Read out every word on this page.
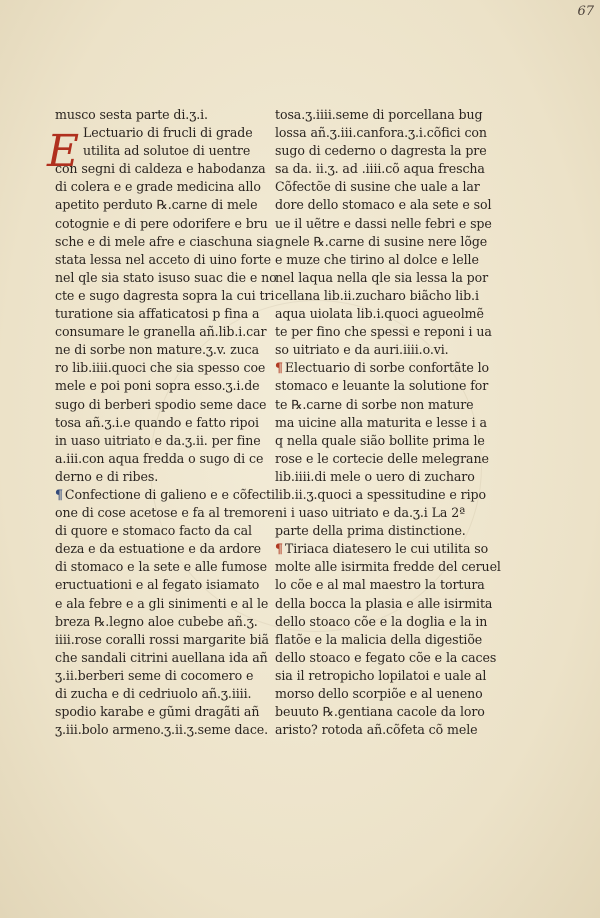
67
E
musco sesta parte di.ʒ.i.
Lectuario di frucli di grade
utilita ad solutoe di uentre
con segni di caldeza e habodanza
di colera e e grade medicina allo
apetito perduto ℞.carne di mele
cotognie e di pere odorifere e bru
sche e di mele afre e ciaschuna sia
stata lessa nel acceto di uino forte
nel qle sia stato isuso suac die e no
cte e sugo dagresta sopra la cui tri
turatione sia affaticatosi p fina a
consumare le granella añ.lib.i.car
ne di sorbe non mature.ʒ.v. zuca
ro lib.iiii.quoci che sia spesso coe
mele e poi poni sopra esso.ʒ.i.de
sugo di berberi spodio seme dace
tosa añ.ʒ.i.e quando e fatto ripoi
in uaso uitriato e da.ʒ.ii. per fine
a.iii.con aqua fredda o sugo di ce
derno e di ribes.
¶ Confectione di galieno e e cõfecti
one di cose acetose e fa al tremore
di quore e stomaco facto da cal
deza e da estuatione e da ardore
di stomaco e la sete e alle fumose
eructuationi e al fegato isiamato
e ala febre e a gli sinimenti e al le
breza ℞.legno aloe cubebe añ.ʒ.
iiii.rose coralli rossi margarite biã
che sandali citrini auellana ida añ
ʒ.ii.berberi seme di cocomero e
di zucha e di cedriuolo añ.ʒ.iiii.
spodio karabe e gũmi dragãti añ
ʒ.iii.bolo armeno.ʒ.ii.ʒ.seme dace.
tosa.ʒ.iiii.seme di porcellana bug
lossa añ.ʒ.iii.canfora.ʒ.i.cõfici con
sugo di cederno o dagresta la pre
sa da. ii.ʒ. ad .iiii.cõ aqua frescha
Cõfectõe di susine che uale a lar
dore dello stomaco e ala sete e sol
ue il uẽtre e dassi nelle febri e spe
gnele ℞.carne di susine nere lõge
e muze che tirino al dolce e lelle
nel laqua nella qle sia lessa la por
cellana lib.ii.zucharo biãcho lib.i
aqua uiolata lib.i.quoci agueolmẽ
te per fino che spessi e reponi i ua
so uitriato e da auri.iiii.o.vi.
¶ Electuario di sorbe confortãte lo
stomaco e leuante la solutione for
te ℞.carne di sorbe non mature
ma uicine alla maturita e lesse i a
q nella quale sião bollite prima le
rose e le cortecie delle melegrane
lib.iiii.di mele o uero di zucharo
lib.ii.ʒ.quoci a spessitudine e ripo
ni i uaso uitriato e da.ʒ.i La 2ª
parte della prima distinctione.
¶ Tiriaca diatesero le cui utilita so
molte alle isirmita fredde del ceruel
lo cõe e al mal maestro la tortura
della bocca la plasia e alle isirmita
dello stoaco cõe e la doglia e la in
flatõe e la malicia della digestiõe
dello stoaco e fegato cõe e la caces
sia il retropicho lopilatoi e uale al
morso dello scorpiõe e al ueneno
beuuto ℞.gentiana cacole da loro
aristo? rotoda añ.cõfeta cõ mele
